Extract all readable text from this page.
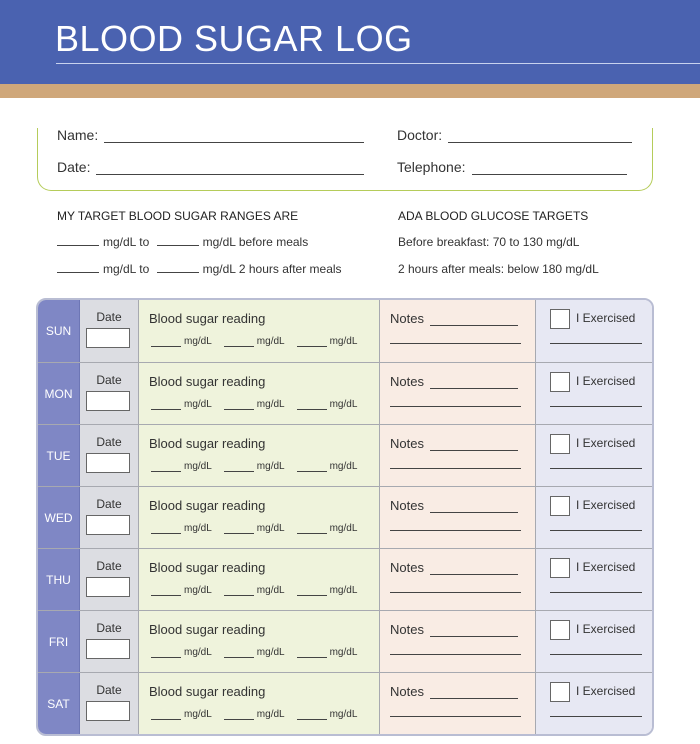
BLOOD SUGAR LOG
Name:
Date:
Doctor:
Telephone:
MY TARGET BLOOD SUGAR RANGES ARE
mg/dL to	mg/dL before meals
mg/dL to	mg/dL 2 hours after meals
ADA BLOOD GLUCOSE TARGETS
Before breakfast: 70 to 130 mg/dL
2 hours after meals: below 180 mg/dL
SUN
Date	Blood sugar reading
mg/dL	mg/dL	mg/dL
Notes	I Exercised
MON
Date	Blood sugar reading
mg/dL	mg/dL	mg/dL
Notes	I Exercised
TUE
Date	Blood sugar reading
mg/dL	mg/dL	mg/dL
Notes	I Exercised
WED
Date	Blood sugar reading
mg/dL	mg/dL	mg/dL
Notes	I Exercised
THU
Date	Blood sugar reading
mg/dL	mg/dL	mg/dL
Notes	I Exercised
FRI
Date	Blood sugar reading
mg/dL	mg/dL	mg/dL
Notes	I Exercised
SAT
Date	Blood sugar reading
mg/dL	mg/dL	mg/dL
Notes	I Exercised
